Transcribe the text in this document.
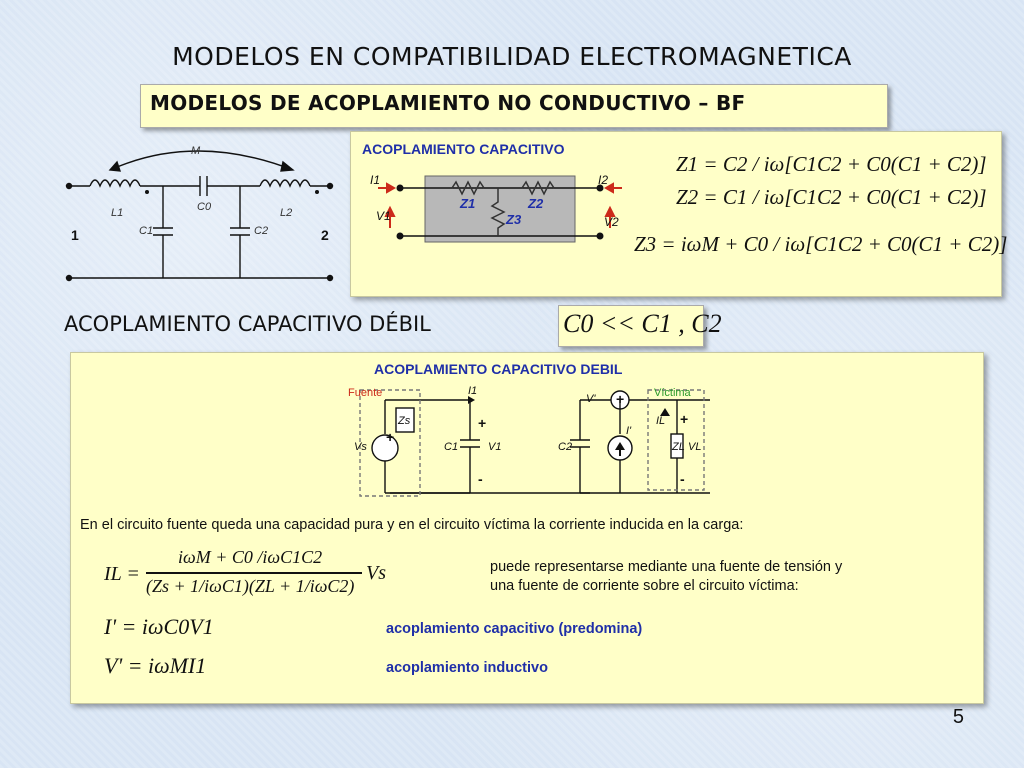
MODELOS EN COMPATIBILIDAD ELECTROMAGNETICA
MODELOS DE ACOPLAMIENTO NO CONDUCTIVO – BF
M
L1	L2
C0
C1	C2
1	2
ACOPLAMIENTO CAPACITIVO
I1	I2
V1	V2
Z1	Z2
Z3
Z1 = C2 / iω[C1C2 + C0(C1 + C2)]
Z2 = C1 / iω[C1C2 + C0(C1 + C2)]
Z3 = iωM + C0 / iω[C1C2 + C0(C1 + C2)]
ACOPLAMIENTO CAPACITIVO DÉBIL	C0 << C1 , C2
ACOPLAMIENTO CAPACITIVO DEBIL
Zs
Vs	C1	V1
I1
C2
V'
I'
IL
ZL VL
+
+
-
+
+
-
Fuente	Víctima
En el circuito fuente queda una capacidad pura y en el circuito víctima la corriente inducida en la carga:
IL =
iωM + C0 /iωC1C2
(Zs + 1/iωC1)(ZL + 1/iωC2)
Vs	puede representarse mediante una fuente de tensión y
una fuente de corriente sobre el circuito víctima:
I' = iωC0V1	acoplamiento capacitivo (predomina)
V' = iωMI1	acoplamiento inductivo
5
